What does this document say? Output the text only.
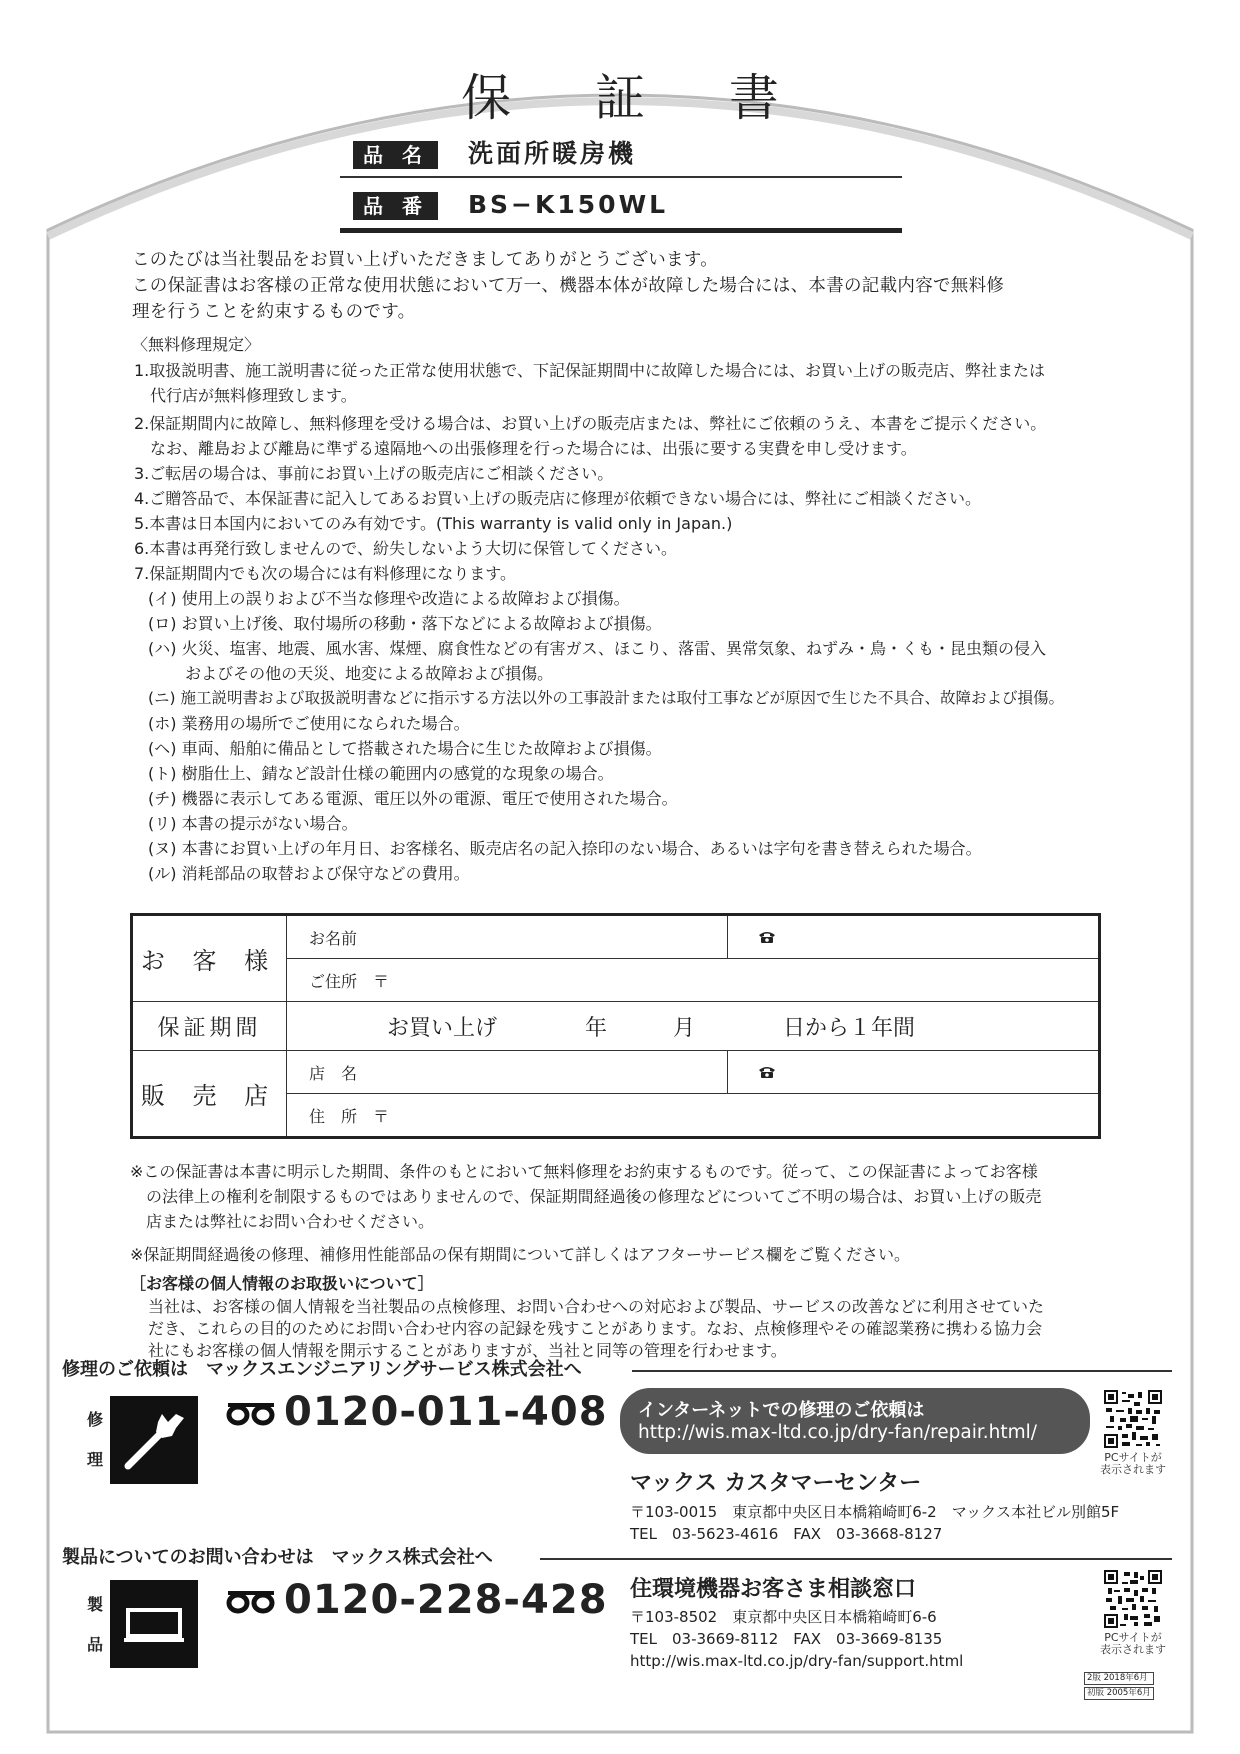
保 証 書
品 名	洗面所暖房機
品 番	BS−K150WL
このたびは当社製品をお買い上げいただきましてありがとうございます。
この保証書はお客様の正常な使用状態において万一、機器本体が故障した場合には、本書の記載内容で無料修
理を行うことを約束するものです。
〈無料修理規定〉
1.取扱説明書、施工説明書に従った正常な使用状態で、下記保証期間中に故障した場合には、お買い上げの販売店、弊社または
　代行店が無料修理致します。
2.保証期間内に故障し、無料修理を受ける場合は、お買い上げの販売店または、弊社にご依頼のうえ、本書をご提示ください。
　なお、離島および離島に準ずる遠隔地への出張修理を行った場合には、出張に要する実費を申し受けます。
3.ご転居の場合は、事前にお買い上げの販売店にご相談ください。
4.ご贈答品で、本保証書に記入してあるお買い上げの販売店に修理が依頼できない場合には、弊社にご相談ください。
5.本書は日本国内においてのみ有効です。(This warranty is valid only in Japan.)
6.本書は再発行致しませんので、紛失しないよう大切に保管してください。
7.保証期間内でも次の場合には有料修理になります。
(イ) 使用上の誤りおよび不当な修理や改造による故障および損傷。
(ロ) お買い上げ後、取付場所の移動・落下などによる故障および損傷。
(ハ) 火災、塩害、地震、風水害、煤煙、腐食性などの有害ガス、ほこり、落雷、異常気象、ねずみ・鳥・くも・昆虫類の侵入
　　 およびその他の天災、地変による故障および損傷。
(ニ) 施工説明書および取扱説明書などに指示する方法以外の工事設計または取付工事などが原因で生じた不具合、故障および損傷。
(ホ) 業務用の場所でご使用になられた場合。
(ヘ) 車両、船舶に備品として搭載された場合に生じた故障および損傷。
(ト) 樹脂仕上、錆など設計仕様の範囲内の感覚的な現象の場合。
(チ) 機器に表示してある電源、電圧以外の電源、電圧で使用された場合。
(リ) 本書の提示がない場合。
(ヌ) 本書にお買い上げの年月日、お客様名、販売店名の記入捺印のない場合、あるいは字句を書き替えられた場合。
(ル) 消耗部品の取替および保守などの費用。
お 客 様	お名前	

	ご住所　〒	
保証期間	お買い上げ　　　　年　　　月　　　　日から１年間	
販 売 店	店　名	

	住　所　〒	
※この保証書は本書に明示した期間、条件のもとにおいて無料修理をお約束するものです。従って、この保証書によってお客様
　の法律上の権利を制限するものではありませんので、保証期間経過後の修理などについてご不明の場合は、お買い上げの販売
　店または弊社にお問い合わせください。
※保証期間経過後の修理、補修用性能部品の保有期間について詳しくはアフターサービス欄をご覧ください。
［お客様の個人情報のお取扱いについて］
当社は、お客様の個人情報を当社製品の点検修理、お問い合わせへの対応および製品、サービスの改善などに利用させていた
だき、これらの目的のためにお問い合わせ内容の記録を残すことがあります。なお、点検修理やその確認業務に携わる協力会
社にもお客様の個人情報を開示することがありますが、当社と同等の管理を行わせます。
修理のご依頼は　マックスエンジニアリングサービス株式会社へ
修
理
0120-011-408 インターネットでの修理のご依頼は
http://wis.max-ltd.co.jp/dry-fan/repair.html/
PCサイトが
表示されます
マックス カスタマーセンター
〒103-0015　東京都中央区日本橋箱崎町6-2　マックス本社ビル別館5F
TEL　03-5623-4616　FAX　03-3668-8127
製品についてのお問い合わせは　マックス株式会社へ
製
品
0120-228-428 住環境機器お客さま相談窓口
〒103-8502　東京都中央区日本橋箱崎町6-6
TEL　03-3669-8112　FAX　03-3669-8135
http://wis.max-ltd.co.jp/dry-fan/support.html
PCサイトが
表示されます
2版 2018年6月
初版 2005年6月
